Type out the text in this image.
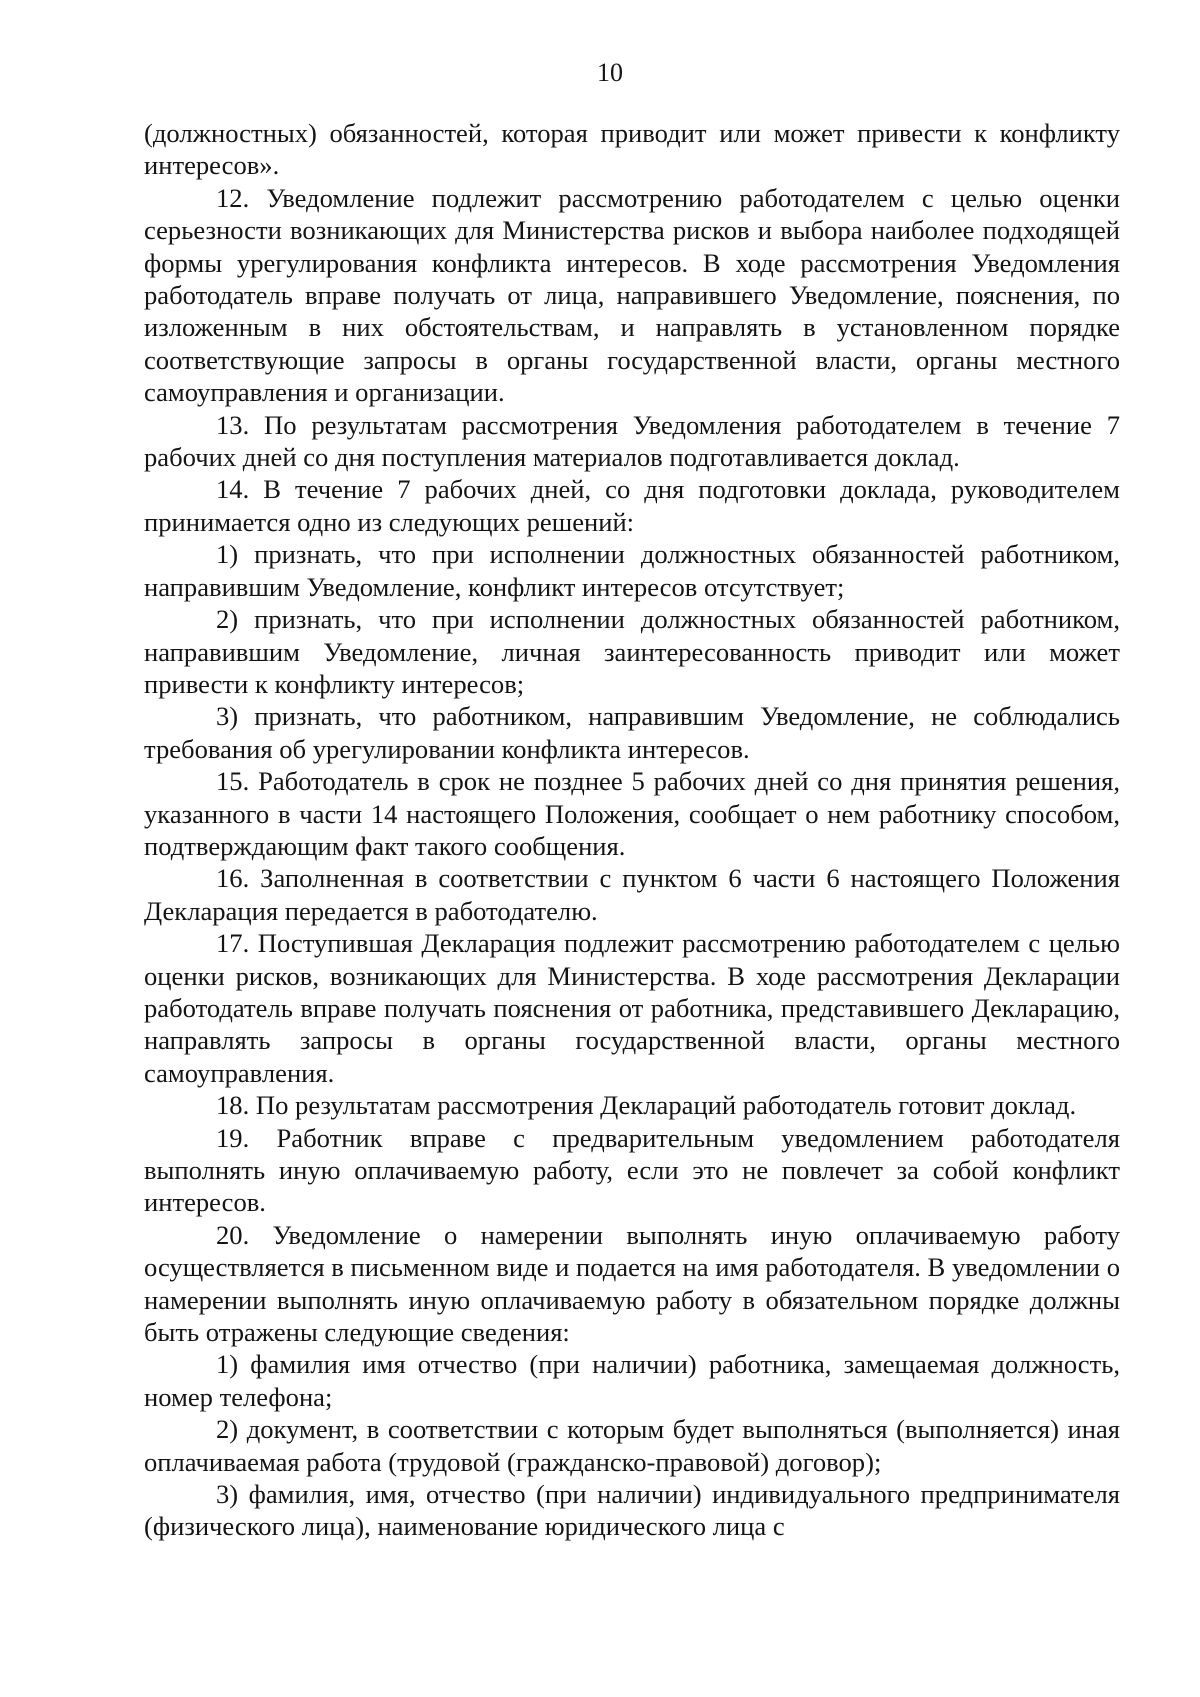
10

(должностных) обязанностей, которая приводит или может привести к конфликту интересов».

12. Уведомление подлежит рассмотрению работодателем с целью оценки серьезности возникающих для Министерства рисков и выбора наиболее подходящей формы урегулирования конфликта интересов. В ходе рассмотрения Уведомления работодатель вправе получать от лица, направившего Уведомление, пояснения, по изложенным в них обстоятельствам, и направлять в установленном порядке соответствующие запросы в органы государственной власти, органы местного самоуправления и организации.

13. По результатам рассмотрения Уведомления работодателем в течение 7 рабочих дней со дня поступления материалов подготавливается доклад.

14. В течение 7 рабочих дней, со дня подготовки доклада, руководителем принимается одно из следующих решений:

1) признать, что при исполнении должностных обязанностей работником, направившим Уведомление, конфликт интересов отсутствует;

2) признать, что при исполнении должностных обязанностей работником, направившим Уведомление, личная заинтересованность приводит или может привести к конфликту интересов;

3) признать, что работником, направившим Уведомление, не соблюдались требования об урегулировании конфликта интересов.

15. Работодатель в срок не позднее 5 рабочих дней со дня принятия решения, указанного в части 14 настоящего Положения, сообщает о нем работнику способом, подтверждающим факт такого сообщения.

16. Заполненная в соответствии с пунктом 6 части 6 настоящего Положения Декларация передается в работодателю.

17. Поступившая Декларация подлежит рассмотрению работодателем с целью оценки рисков, возникающих для Министерства. В ходе рассмотрения Декларации работодатель вправе получать пояснения от работника, представившего Декларацию, направлять запросы в органы государственной власти, органы местного самоуправления.

18. По результатам рассмотрения Деклараций работодатель готовит доклад.

19. Работник вправе с предварительным уведомлением работодателя выполнять иную оплачиваемую работу, если это не повлечет за собой конфликт интересов.

20. Уведомление о намерении выполнять иную оплачиваемую работу осуществляется в письменном виде и подается на имя работодателя. В уведомлении о намерении выполнять иную оплачиваемую работу в обязательном порядке должны быть отражены следующие сведения:

1) фамилия имя отчество (при наличии) работника, замещаемая должность, номер телефона;

2) документ, в соответствии с которым будет выполняться (выполняется) иная оплачиваемая работа (трудовой (гражданско-правовой) договор);

3) фамилия, имя, отчество (при наличии) индивидуального предпринимателя (физического лица), наименование юридического лица с
